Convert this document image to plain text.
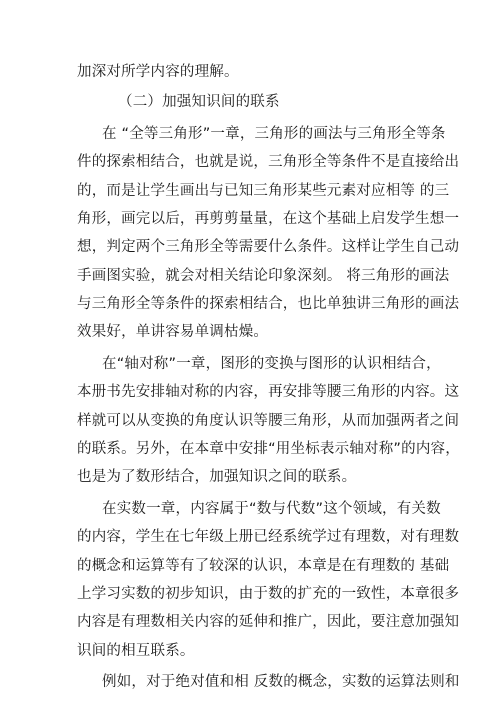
加深对所学内容的理解。
（二）加强知识间的联系
在 “全等三角形”一章，三角形的画法与三角形全等条
件的探索相结合，也就是说，三角形全等条件不是直接给出
的，而是让学生画出与已知三角形某些元素对应相等 的三
角形，画完以后，再剪剪量量，在这个基础上启发学生想一
想，判定两个三角形全等需要什么条件。这样让学生自己动
手画图实验，就会对相关结论印象深刻。 将三角形的画法
与三角形全等条件的探索相结合，也比单独讲三角形的画法
效果好，单讲容易单调枯燥。
在“轴对称”一章，图形的变换与图形的认识相结合，
本册书先安排轴对称的内容，再安排等腰三角形的内容。这
样就可以从变换的角度认识等腰三角形，从而加强两者之间
的联系。另外，在本章中安排“用坐标表示轴对称”的内容，
也是为了数形结合，加强知识之间的联系。
在实数一章，内容属于“数与代数”这个领域，有关数
的内容，学生在七年级上册已经系统学过有理数，对有理数
的概念和运算等有了较深的认识，本章是在有理数的 基础
上学习实数的初步知识，由于数的扩充的一致性，本章很多
内容是有理数相关内容的延伸和推广，因此，要注意加强知
识间的相互联系。
例如，对于绝对值和相 反数的概念，实数的运算法则和
